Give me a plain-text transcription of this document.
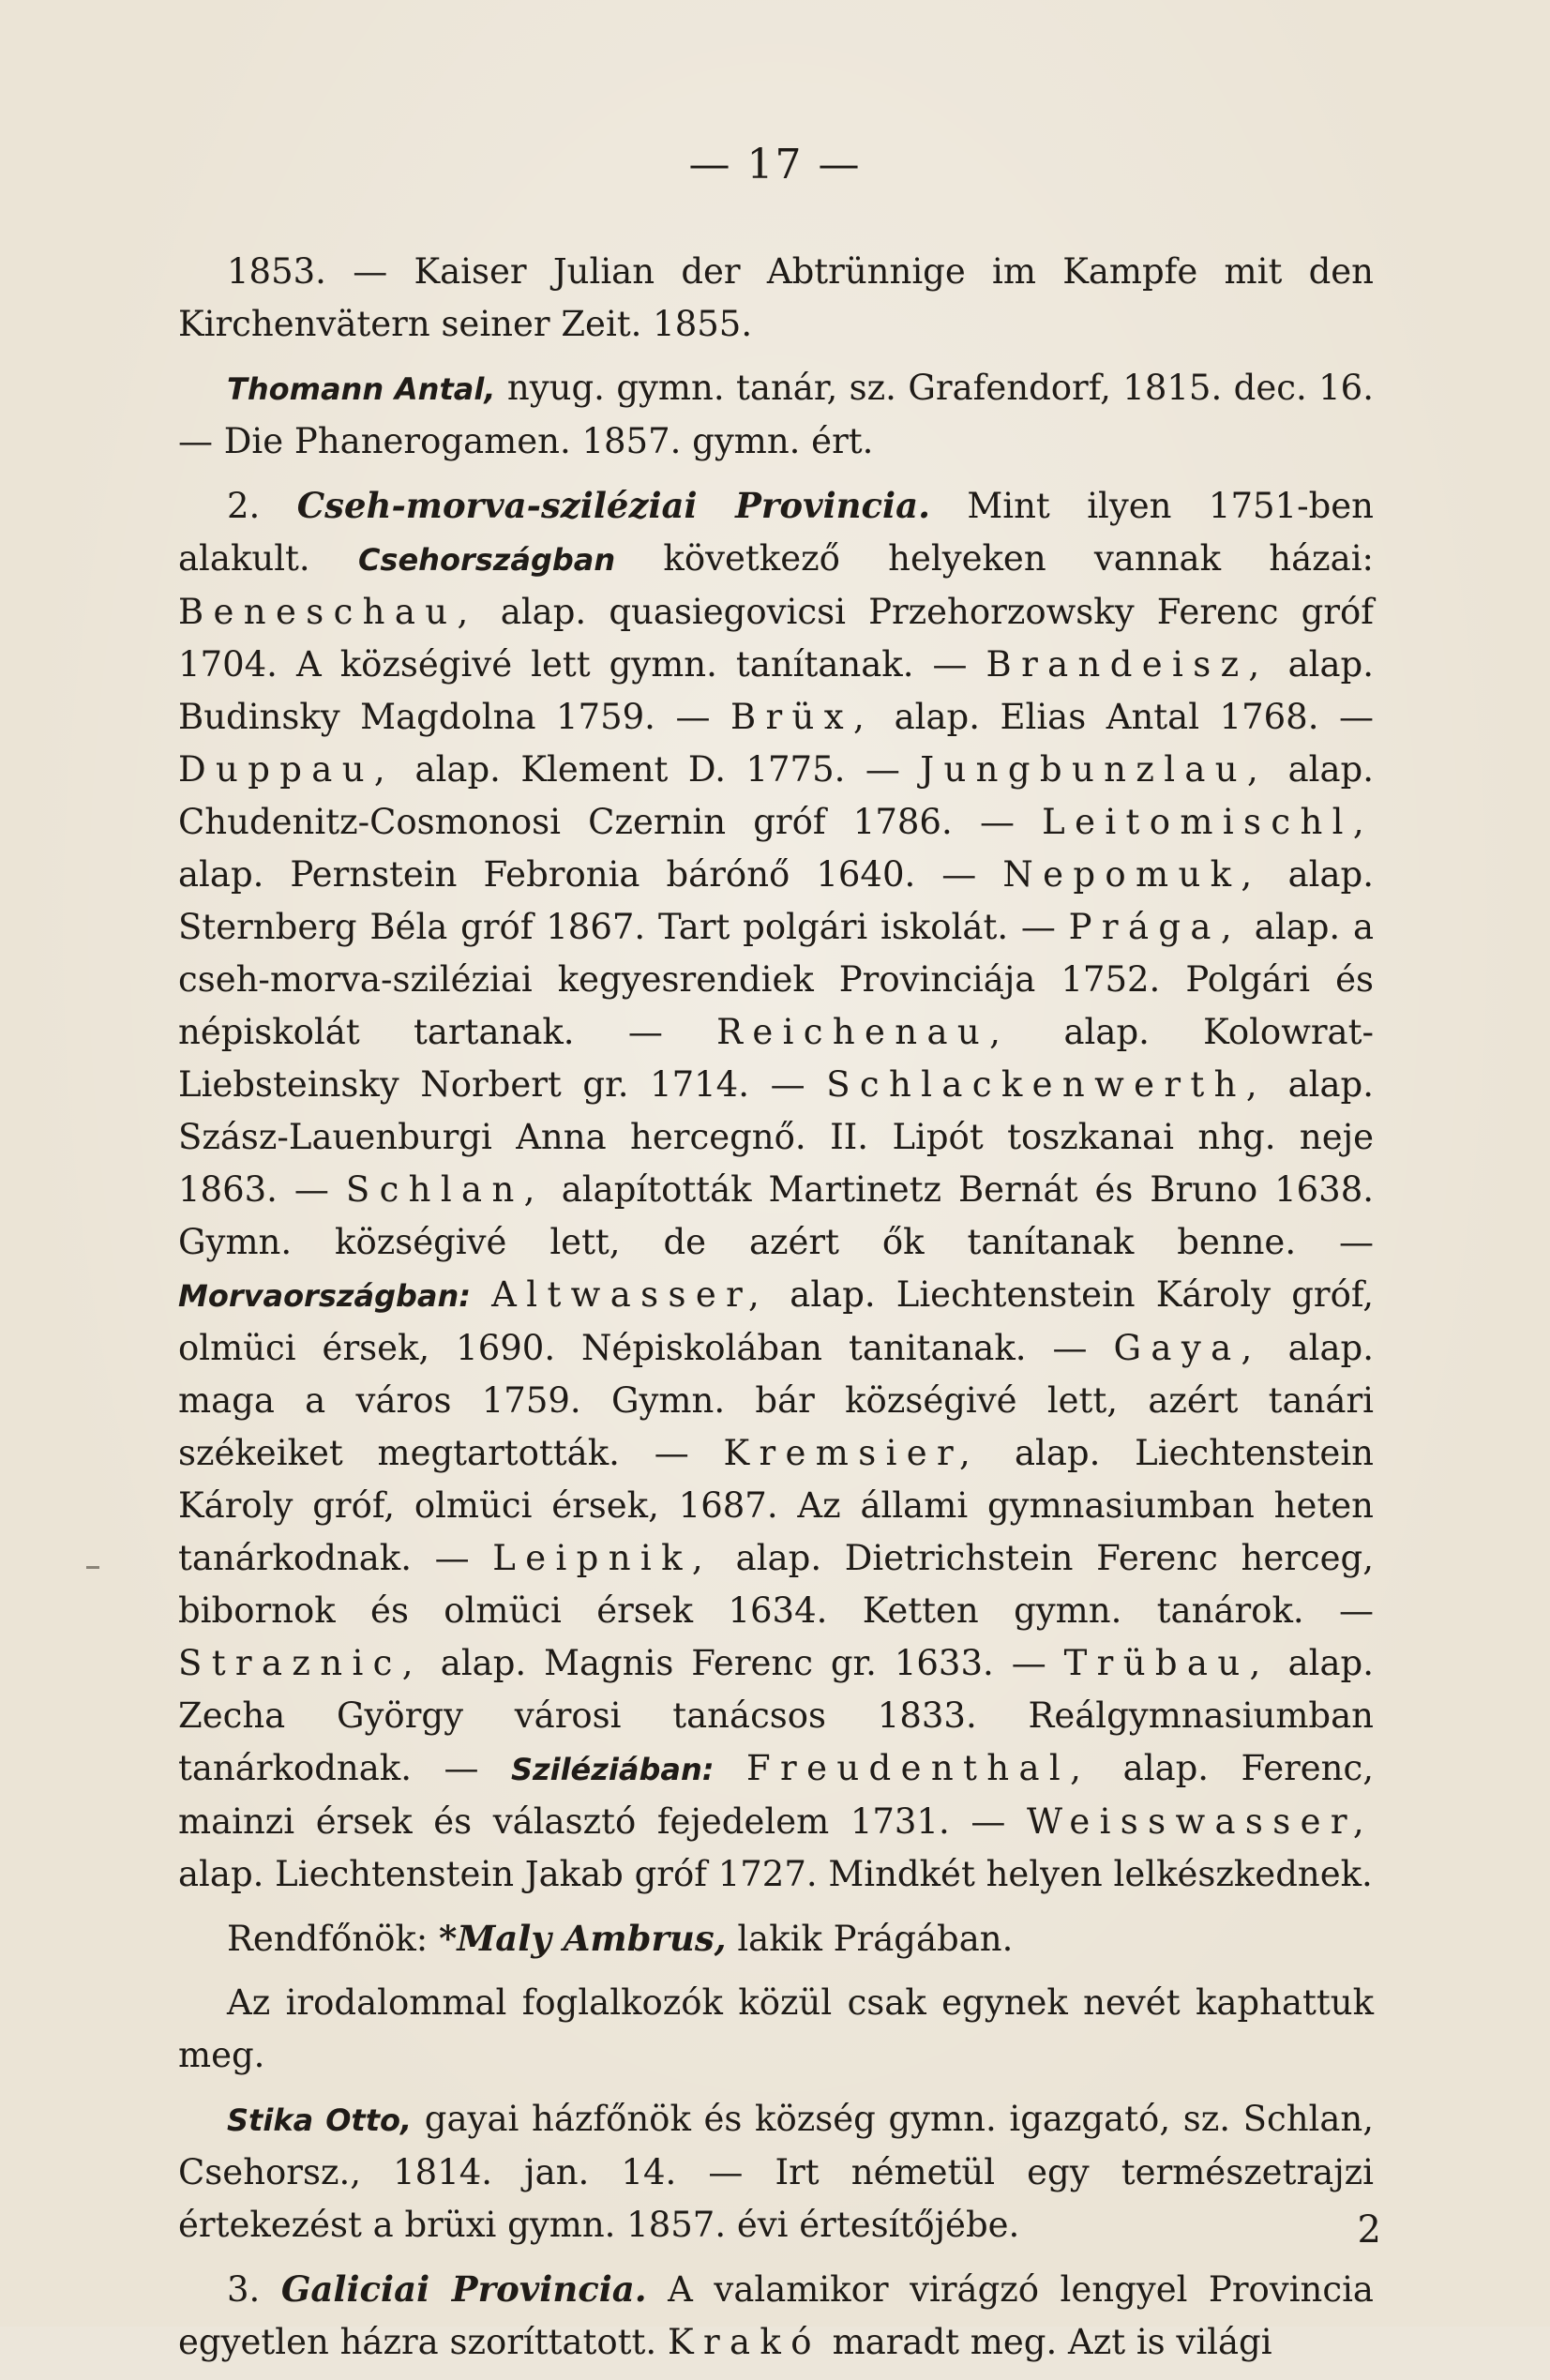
— 17 —

1853. — Kaiser Julian der Abtrünnige im Kampfe mit den Kirchenvätern seiner Zeit. 1855.

Thomann Antal, nyug. gymn. tanár, sz. Grafendorf, 1815. dec. 16. — Die Phanerogamen. 1857. gymn. ért.

2. Cseh-morva-sziléziai Provincia. Mint ilyen 1751-ben alakult. Csehországban következő helyeken vannak házai: Beneschau, alap. quasiegovicsi Przehorzowsky Ferenc gróf 1704. A községivé lett gymn. tanítanak. — Brandeisz, alap. Budinsky Magdolna 1759. — Brüx, alap. Elias Antal 1768. — Duppau, alap. Klement D. 1775. — Jungbunzlau, alap. Chudenitz-Cosmonosi Czernin gróf 1786. — Leitomischl, alap. Pernstein Febronia bárónő 1640. — Nepomuk, alap. Sternberg Béla gróf 1867. Tart polgári iskolát. — Prága, alap. a cseh-morva-sziléziai kegyesrendiek Provinciája 1752. Polgári és népiskolát tartanak. — Reichenau, alap. Kolowrat-Liebsteinsky Norbert gr. 1714. — Schlackenwerth, alap. Szász-Lauenburgi Anna hercegnő. II. Lipót toszkanai nhg. neje 1863. — Schlan, alapították Martinetz Bernát és Bruno 1638. Gymn. községivé lett, de azért ők tanítanak benne. — Morvaországban: Altwasser, alap. Liechtenstein Károly gróf, olmüci érsek, 1690. Népiskolában tanitanak. — Gaya, alap. maga a város 1759. Gymn. bár községivé lett, azért tanári székeiket megtartották. — Kremsier, alap. Liechtenstein Károly gróf, olmüci érsek, 1687. Az állami gymnasiumban heten tanárkodnak. — Leipnik, alap. Dietrichstein Ferenc herceg, bibornok és olmüci érsek 1634. Ketten gymn. tanárok. — Straznic, alap. Magnis Ferenc gr. 1633. — Trübau, alap. Zecha György városi tanácsos 1833. Reálgymnasiumban tanárkodnak. — Sziléziában: Freudenthal, alap. Ferenc, mainzi érsek és választó fejedelem 1731. — Weisswasser, alap. Liechtenstein Jakab gróf 1727. Mindkét helyen lelkészkednek.

Rendfőnök: *Maly Ambrus, lakik Prágában.

Az irodalommal foglalkozók közül csak egynek nevét kaphattuk meg.

Stika Otto, gayai házfőnök és község gymn. igazgató, sz. Schlan, Csehorsz., 1814. jan. 14. — Irt németül egy természetrajzi értekezést a brüxi gymn. 1857. évi értesítőjébe.

3. Galiciai Provincia. A valamikor virágzó lengyel Provincia egyetlen házra szoríttatott. Krakó maradt meg. Azt is világi

2
